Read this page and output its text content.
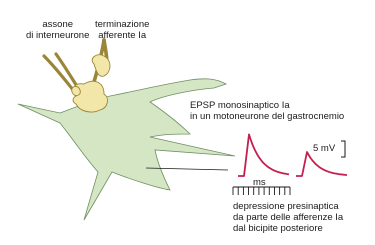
assone
di interneurone
terminazione
afferente Ia
EPSP monosinaptico Ia
in un motoneurone del gastrocnemio
5 mV
ms
depressione presinaptica
da parte delle afferenze Ia
dal bicipite posteriore
